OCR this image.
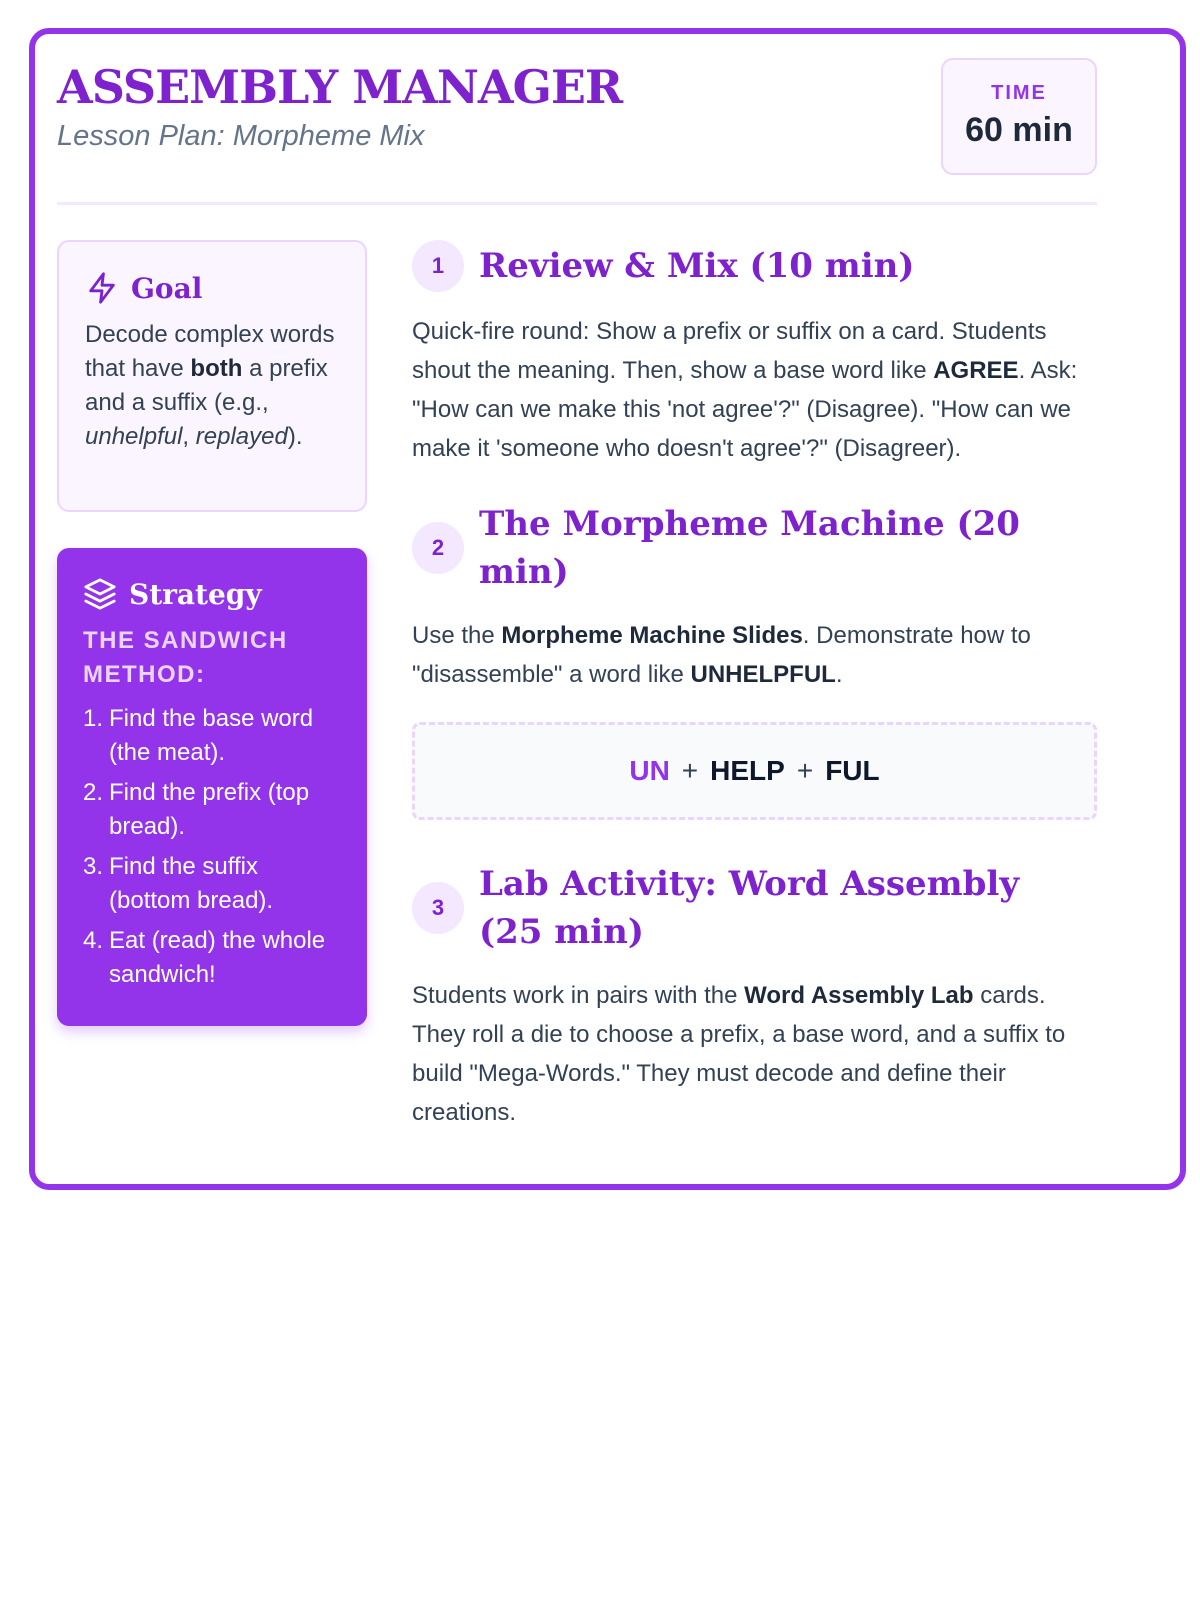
ASSEMBLY MANAGER
Lesson Plan: Morpheme Mix
TIME
60 min
Goal

Decode complex words that have both a prefix and a suffix (e.g., unhelpful, replayed).

Strategy
THE SANDWICH METHOD:
1. Find the base word (the meat).
2. Find the prefix (top bread).
3. Find the suffix (bottom bread).
4. Eat (read) the whole sandwich!
1	Review & Mix (10 min)

Quick-fire round: Show a prefix or suffix on a card. Students shout the meaning. Then, show a base word like AGREE. Ask: "How can we make this 'not agree'?" (Disagree). "How can we make it 'someone who doesn't agree'?" (Disagreer).

2
The Morpheme Machine (20 min)

Use the Morpheme Machine Slides. Demonstrate how to "disassemble" a word like UNHELPFUL.

UN + HELP + FUL
3
Lab Activity: Word Assembly (25 min)

Students work in pairs with the Word Assembly Lab cards. They roll a die to choose a prefix, a base word, and a suffix to build "Mega-Words." They must decode and define their creations.
